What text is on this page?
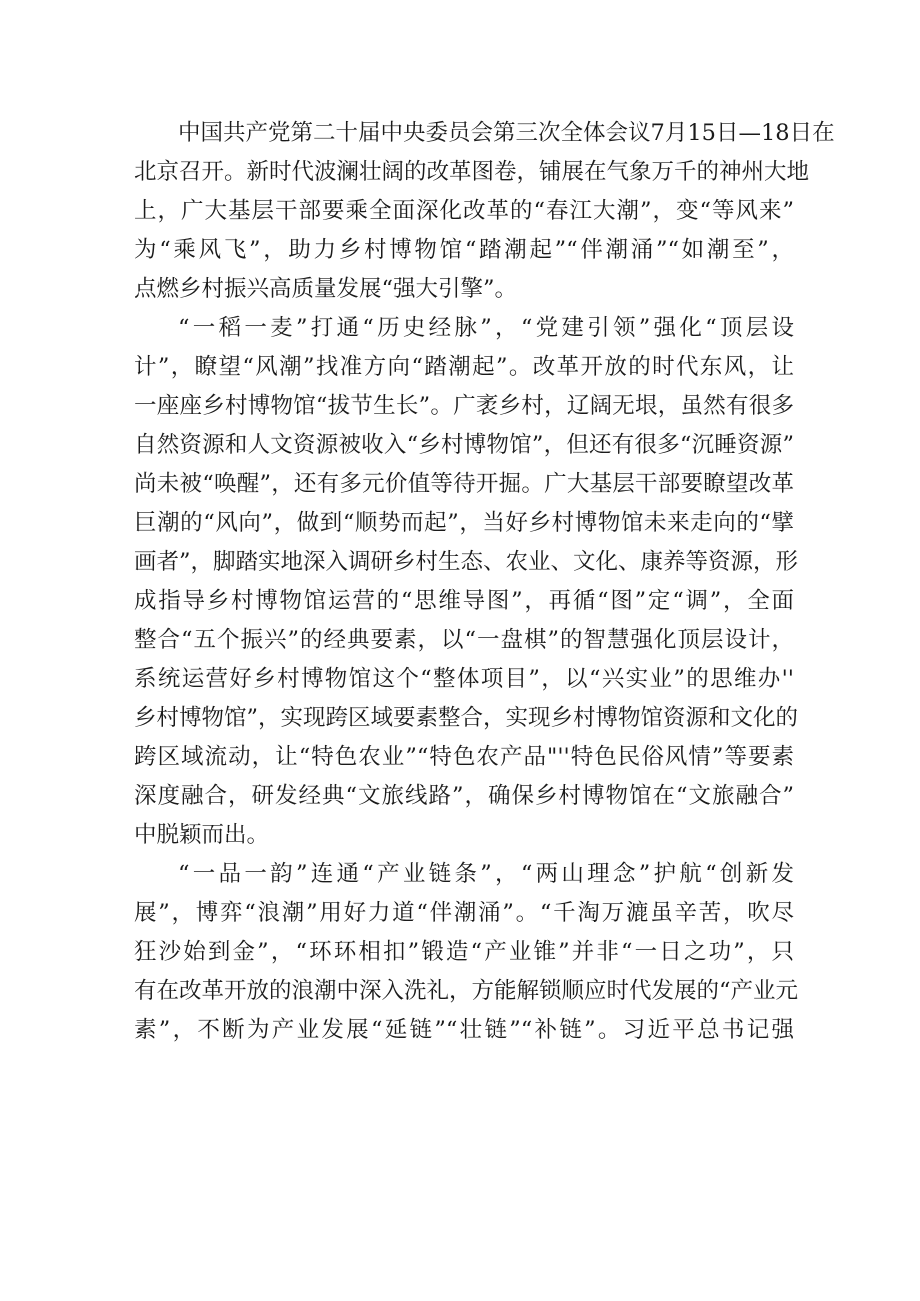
中国共产党第二十届中央委员会第三次全体会议7月15日—18日在
北京召开。新时代波澜壮阔的改革图卷，铺展在气象万千的神州大地
上，广大基层干部要乘全面深化改革的“春江大潮”，变“等风来”
为“乘风飞”，助力乡村博物馆“踏潮起”“伴潮涌”“如潮至”，
点燃乡村振兴高质量发展“强大引擎”。
“一稻一麦”打通“历史经脉”，“党建引领”强化“顶层设
计”，瞭望“风潮”找准方向“踏潮起”。改革开放的时代东风，让
一座座乡村博物馆“拔节生长”。广袤乡村，辽阔无垠，虽然有很多
自然资源和人文资源被收入“乡村博物馆”，但还有很多“沉睡资源”
尚未被“唤醒”，还有多元价值等待开掘。广大基层干部要瞭望改革
巨潮的“风向”，做到“顺势而起”，当好乡村博物馆未来走向的“擘
画者”，脚踏实地深入调研乡村生态、农业、文化、康养等资源，形
成指导乡村博物馆运营的“思维导图”，再循“图”定“调”，全面
整合“五个振兴”的经典要素，以“一盘棋”的智慧强化顶层设计，
系统运营好乡村博物馆这个“整体项目”，以“兴实业”的思维办''
乡村博物馆”，实现跨区域要素整合，实现乡村博物馆资源和文化的
跨区域流动，让“特色农业”“特色农产品"''特色民俗风情”等要素
深度融合，研发经典“文旅线路”，确保乡村博物馆在“文旅融合”
中脱颖而出。
“一品一韵”连通“产业链条”，“两山理念”护航“创新发
展”，博弈“浪潮”用好力道“伴潮涌”。“千淘万漉虽辛苦，吹尽
狂沙始到金”，“环环相扣”锻造“产业锥”并非“一日之功”，只
有在改革开放的浪潮中深入洗礼，方能解锁顺应时代发展的“产业元
素”，不断为产业发展“延链”“壮链”“补链”。习近平总书记强
